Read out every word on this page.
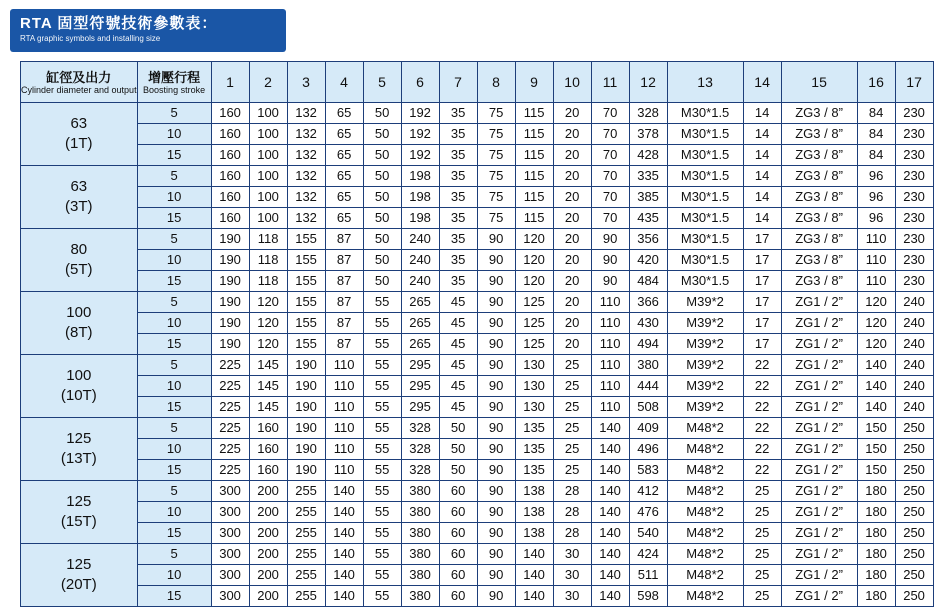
RTA 固型符號技術參數表：
RTA graphic symbols and installing size
缸徑及出力
Cylinder diameter and output	增壓行程
Boosting stroke	1	2	3	4	5	6	7	8	9	10	11	12	13	14	15	16	17

63
(1T)	5	160	100	132	65	50	192	35	75	115	20	70	328	M30*1.5	14	ZG3 / 8”	84	230
	10	160	100	132	65	50	192	35	75	115	20	70	378	M30*1.5	14	ZG3 / 8”	84	230
	15	160	100	132	65	50	192	35	75	115	20	70	428	M30*1.5	14	ZG3 / 8”	84	230

63
(3T)	5	160	100	132	65	50	198	35	75	115	20	70	335	M30*1.5	14	ZG3 / 8”	96	230
	10	160	100	132	65	50	198	35	75	115	20	70	385	M30*1.5	14	ZG3 / 8”	96	230
	15	160	100	132	65	50	198	35	75	115	20	70	435	M30*1.5	14	ZG3 / 8”	96	230

80
(5T)	5	190	118	155	87	50	240	35	90	120	20	90	356	M30*1.5	17	ZG3 / 8”	110	230
	10	190	118	155	87	50	240	35	90	120	20	90	420	M30*1.5	17	ZG3 / 8”	110	230
	15	190	118	155	87	50	240	35	90	120	20	90	484	M30*1.5	17	ZG3 / 8”	110	230

100
(8T)	5	190	120	155	87	55	265	45	90	125	20	110	366	M39*2	17	ZG1 / 2”	120	240
	10	190	120	155	87	55	265	45	90	125	20	110	430	M39*2	17	ZG1 / 2”	120	240
	15	190	120	155	87	55	265	45	90	125	20	110	494	M39*2	17	ZG1 / 2”	120	240

100
(10T)	5	225	145	190	110	55	295	45	90	130	25	110	380	M39*2	22	ZG1 / 2”	140	240
	10	225	145	190	110	55	295	45	90	130	25	110	444	M39*2	22	ZG1 / 2”	140	240
	15	225	145	190	110	55	295	45	90	130	25	110	508	M39*2	22	ZG1 / 2”	140	240

125
(13T)	5	225	160	190	110	55	328	50	90	135	25	140	409	M48*2	22	ZG1 / 2”	150	250
	10	225	160	190	110	55	328	50	90	135	25	140	496	M48*2	22	ZG1 / 2”	150	250
	15	225	160	190	110	55	328	50	90	135	25	140	583	M48*2	22	ZG1 / 2”	150	250

125
(15T)	5	300	200	255	140	55	380	60	90	138	28	140	412	M48*2	25	ZG1 / 2”	180	250
	10	300	200	255	140	55	380	60	90	138	28	140	476	M48*2	25	ZG1 / 2”	180	250
	15	300	200	255	140	55	380	60	90	138	28	140	540	M48*2	25	ZG1 / 2”	180	250

125
(20T)	5	300	200	255	140	55	380	60	90	140	30	140	424	M48*2	25	ZG1 / 2”	180	250
	10	300	200	255	140	55	380	60	90	140	30	140	511	M48*2	25	ZG1 / 2”	180	250
	15	300	200	255	140	55	380	60	90	140	30	140	598	M48*2	25	ZG1 / 2”	180	250
